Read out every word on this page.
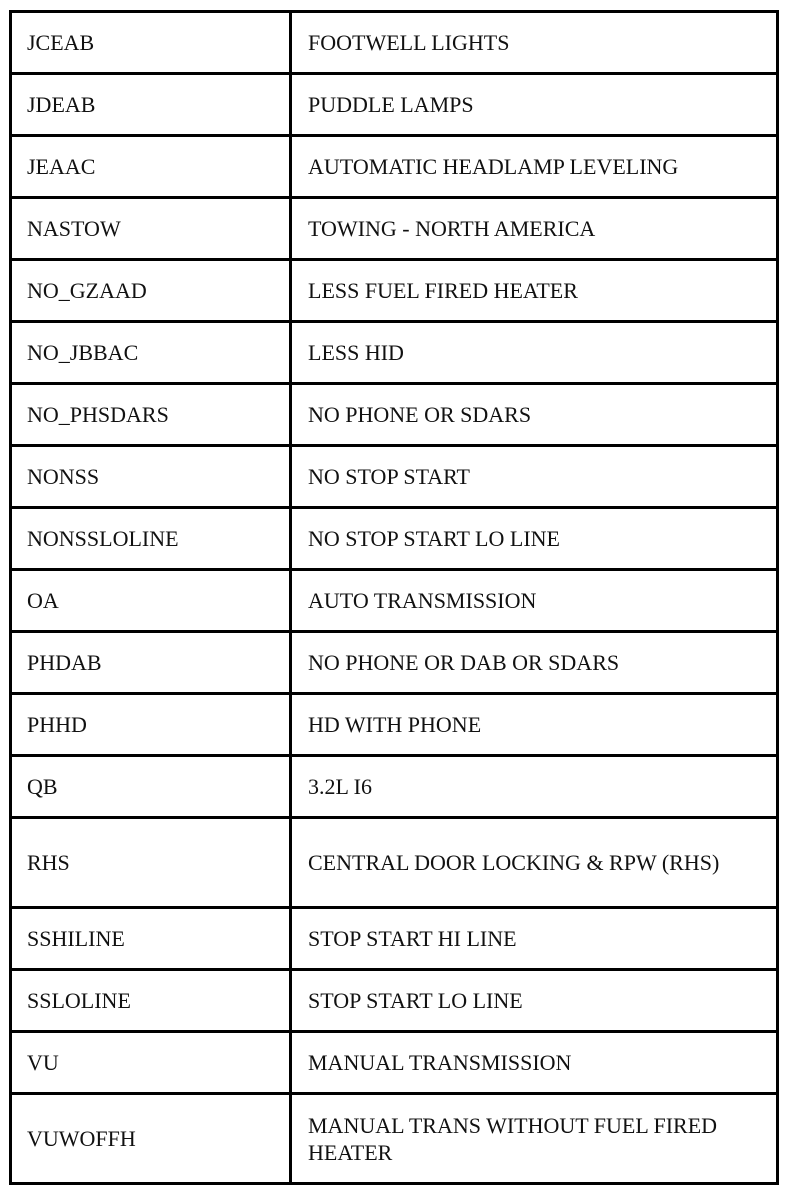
JCEAB	FOOTWELL LIGHTS
JDEAB	PUDDLE LAMPS
JEAAC	AUTOMATIC HEADLAMP LEVELING
NASTOW	TOWING - NORTH AMERICA
NO_GZAAD	LESS FUEL FIRED HEATER
NO_JBBAC	LESS HID
NO_PHSDARS	NO PHONE OR SDARS
NONSS	NO STOP START
NONSSLOLINE	NO STOP START LO LINE
OA	AUTO TRANSMISSION
PHDAB	NO PHONE OR DAB OR SDARS
PHHD	HD WITH PHONE
QB	3.2L I6
RHS	CENTRAL DOOR LOCKING & RPW (RHS)
SSHILINE	STOP START HI LINE
SSLOLINE	STOP START LO LINE
VU	MANUAL TRANSMISSION
VUWOFFH	MANUAL TRANS WITHOUT FUEL FIRED HEATER
